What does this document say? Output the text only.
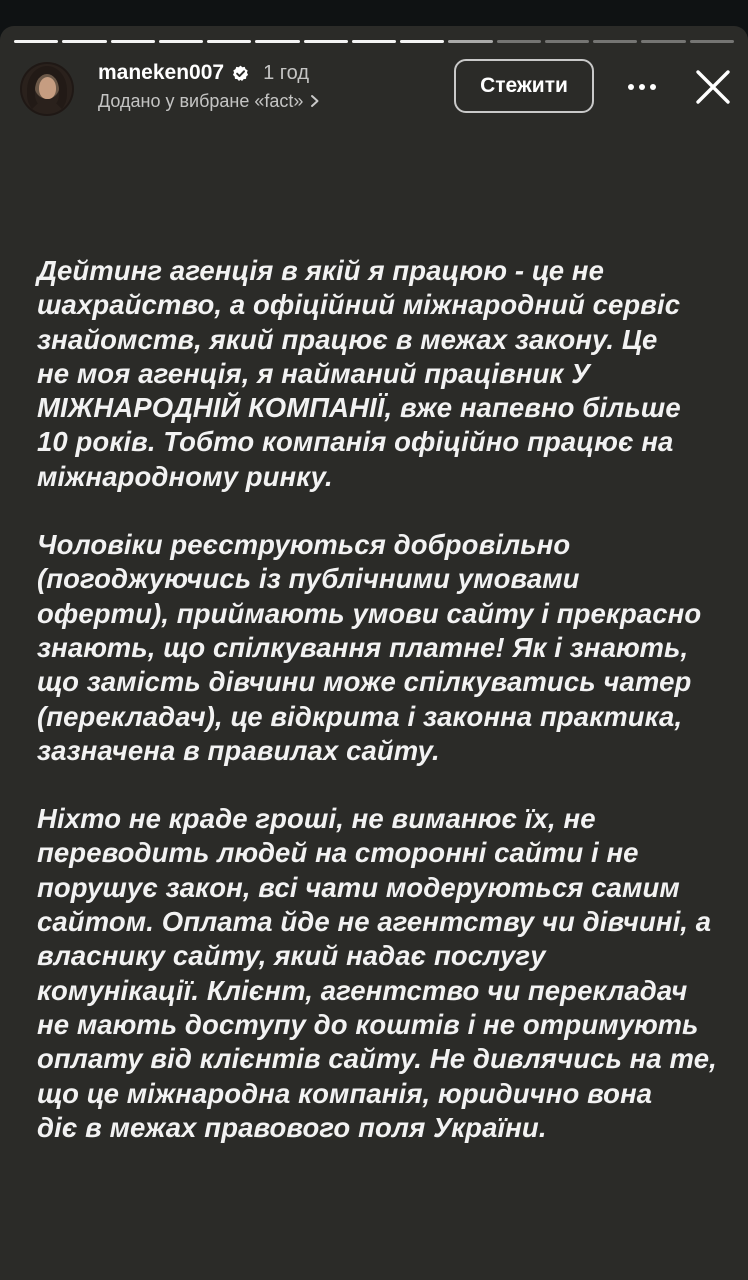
maneken007 1 год
Додано у вибране «fact»
Стежити

Дейтинг агенція в якій я працюю - це не
шахрайство, а офіційний міжнародний сервіс
знайомств, який працює в межах закону. Це
не моя агенція, я найманий працівник У
МІЖНАРОДНІЙ КОМПАНІЇ, вже напевно більше
10 років. Тобто компанія офіційно працює на
міжнародному ринку.

Чоловіки реєструються добровільно
(погоджуючись із публічними умовами
оферти), приймають умови сайту і прекрасно
знають, що спілкування платне! Як і знають,
що замість дівчини може спілкуватись чатер
(перекладач), це відкрита і законна практика,
зазначена в правилах сайту.

Ніхто не краде гроші, не виманює їх, не
переводить людей на сторонні сайти і не
порушує закон, всі чати модеруються самим
сайтом. Оплата йде не агентству чи дівчині, а
власнику сайту, який надає послугу
комунікації. Клієнт, агентство чи перекладач
не мають доступу до коштів і не отримують
оплату від клієнтів сайту. Не дивлячись на те,
що це міжнародна компанія, юридично вона
діє в межах правового поля України.
